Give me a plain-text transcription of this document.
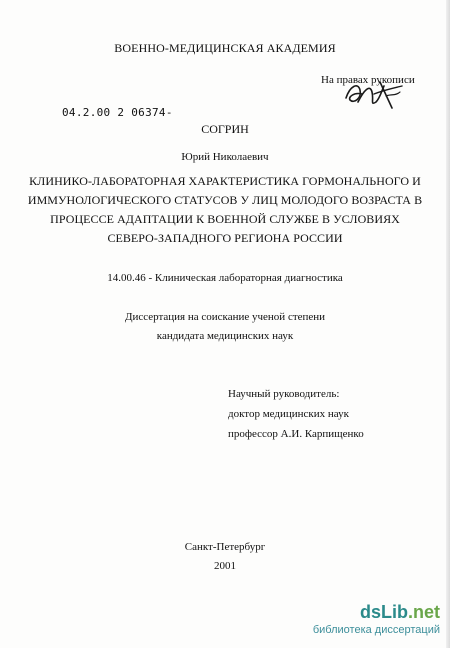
ВОЕННО-МЕДИЦИНСКАЯ АКАДЕМИЯ
На правах рукописи
04.2.00 2 06374-
СОГРИН
Юрий Николаевич
КЛИНИКО-ЛАБОРАТОРНАЯ ХАРАКТЕРИСТИКА ГОРМОНАЛЬНОГО И
ИММУНОЛОГИЧЕСКОГО СТАТУСОВ У ЛИЦ МОЛОДОГО ВОЗРАСТА В
ПРОЦЕССЕ АДАПТАЦИИ К ВОЕННОЙ СЛУЖБЕ В УСЛОВИЯХ
СЕВЕРО-ЗАПАДНОГО РЕГИОНА РОССИИ
14.00.46 - Клиническая лабораторная диагностика
Диссертация на соискание ученой степени
кандидата медицинских наук
Научный руководитель:
доктор медицинских наук
профессор А.И. Карпищенко
Санкт-Петербург
2001
dsLib.net
библиотека диссертаций
